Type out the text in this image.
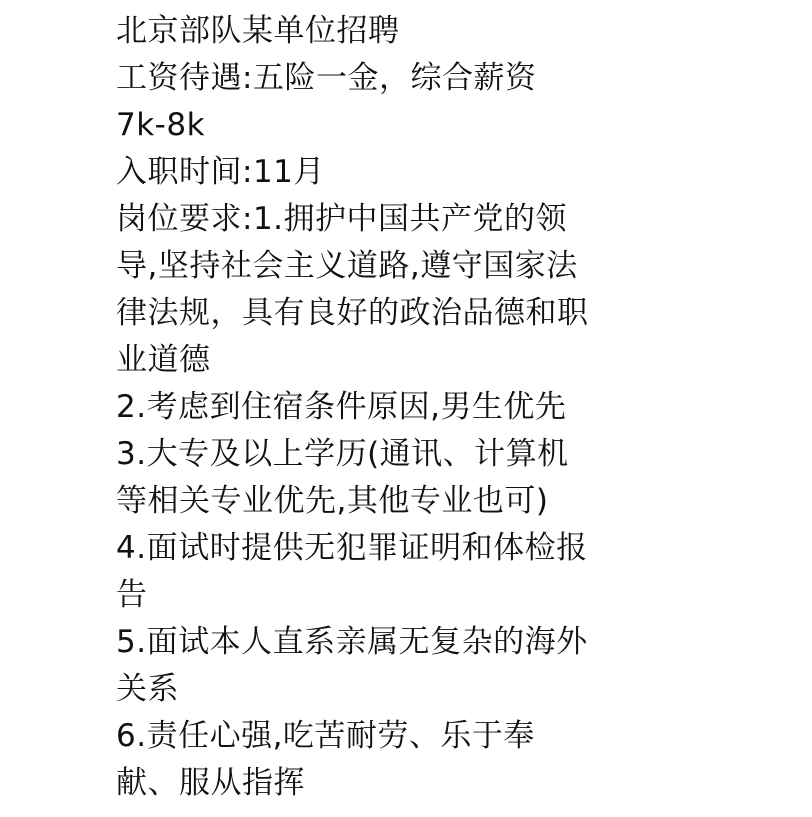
北京部队某单位招聘
工资待遇:五险一金，综合薪资
7k-8k
入职时间:11月
岗位要求:1.拥护中国共产党的领
导,坚持社会主义道路,遵守国家法
律法规，具有良好的政治品德和职
业道德
2.考虑到住宿条件原因,男生优先
3.大专及以上学历(通讯、计算机
等相关专业优先,其他专业也可)
4.面试时提供无犯罪证明和体检报
告
5.面试本人直系亲属无复杂的海外
关系
6.责任心强,吃苦耐劳、乐于奉
献、服从指挥
